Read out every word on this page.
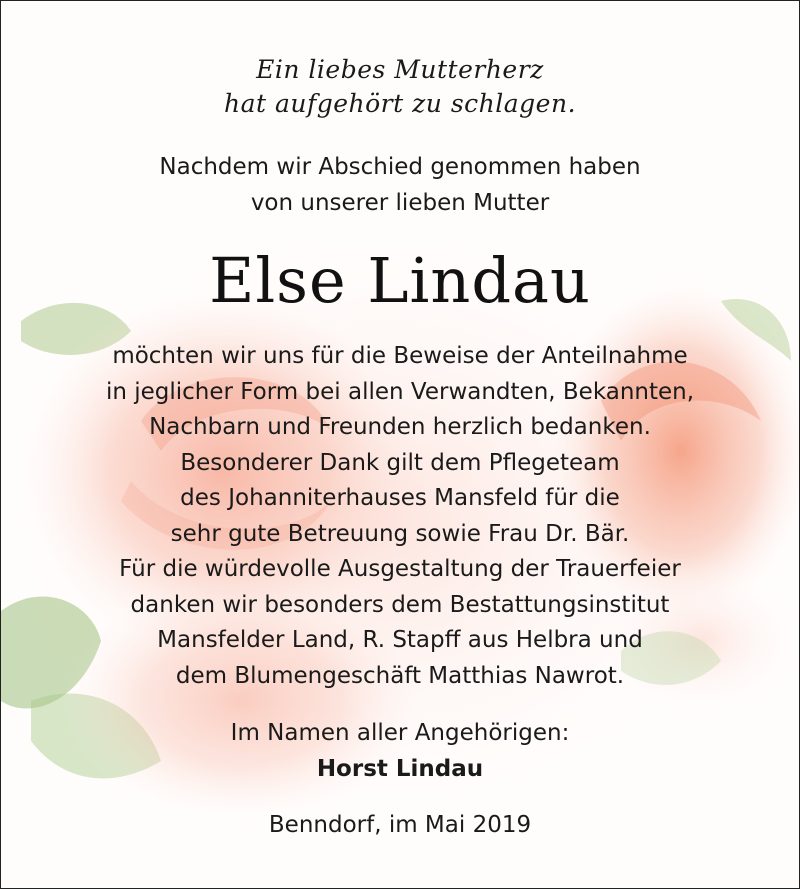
Ein liebes Mutterherz
hat aufgehört zu schlagen.
Nachdem wir Abschied genommen haben
von unserer lieben Mutter
Else Lindau
möchten wir uns für die Beweise der Anteilnahme
in jeglicher Form bei allen Verwandten, Bekannten,
Nachbarn und Freunden herzlich bedanken.
Besonderer Dank gilt dem Pflegeteam
des Johanniterhauses Mansfeld für die
sehr gute Betreuung sowie Frau Dr. Bär.
Für die würdevolle Ausgestaltung der Trauerfeier
danken wir besonders dem Bestattungsinstitut
Mansfelder Land, R. Stapff aus Helbra und
dem Blumengeschäft Matthias Nawrot.
Im Namen aller Angehörigen:
Horst Lindau
Benndorf, im Mai 2019
